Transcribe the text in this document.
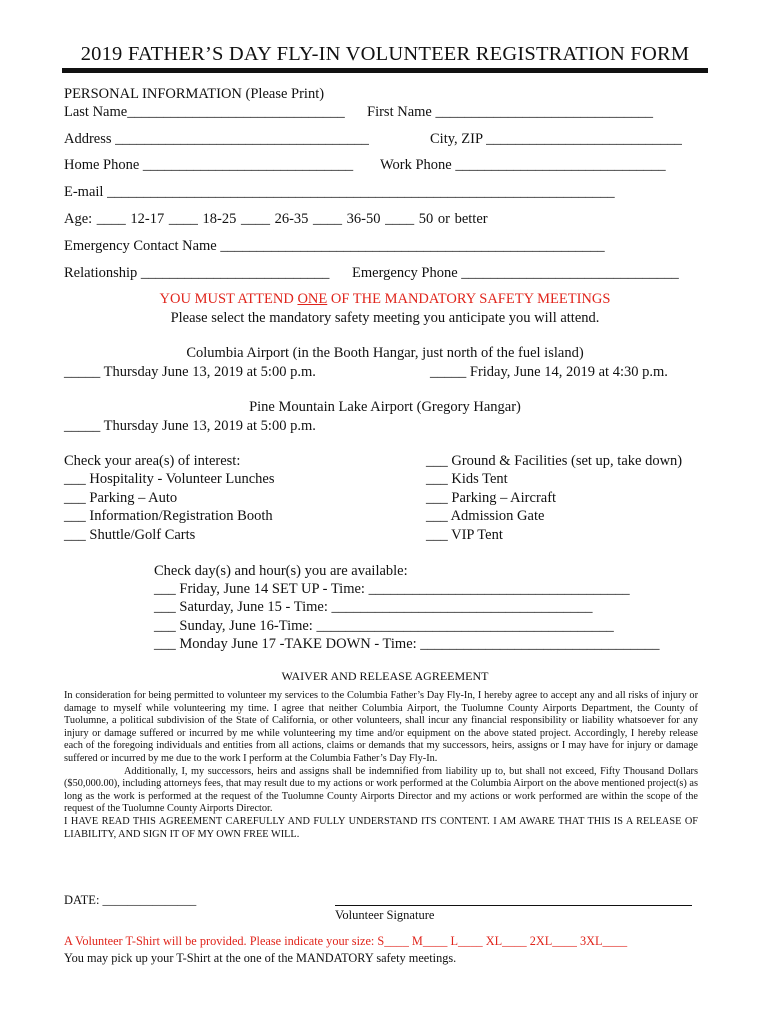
2019 FATHER’S DAY FLY-IN VOLUNTEER REGISTRATION FORM
PERSONAL INFORMATION (Please Print)
Last Name______________________________ First Name ______________________________
Address ___________________________________	City, ZIP ___________________________
Home Phone _____________________________ Work Phone _____________________________
E-mail ______________________________________________________________________
Age: ____ 12-17 ____ 18-25 ____ 26-35 ____ 36-50 ____ 50 or better
Emergency Contact Name _____________________________________________________
Relationship __________________________ Emergency Phone ______________________________
YOU MUST ATTEND ONE OF THE MANDATORY SAFETY MEETINGS
Please select the mandatory safety meeting you anticipate you will attend.
Columbia Airport (in the Booth Hangar, just north of the fuel island)
_____ Thursday June 13, 2019 at 5:00 p.m.	_____ Friday, June 14, 2019 at 4:30 p.m.
Pine Mountain Lake Airport (Gregory Hangar)
_____ Thursday June 13, 2019 at 5:00 p.m.
Check your area(s) of interest:
___ Hospitality - Volunteer Lunches
___ Parking – Auto
___ Information/Registration Booth
___ Shuttle/Golf Carts
___ Ground & Facilities (set up, take down)
___ Kids Tent
___ Parking – Aircraft
___ Admission Gate
___ VIP Tent
Check day(s) and hour(s) you are available:
___ Friday, June 14 SET UP - Time: ____________________________________
___ Saturday, June 15 - Time: ____________________________________
___ Sunday, June 16-Time: _________________________________________
___ Monday June 17 -TAKE DOWN - Time: _________________________________
WAIVER AND RELEASE AGREEMENT

In consideration for being permitted to volunteer my services to the Columbia Father’s Day Fly-In, I hereby agree to accept any and all risks of injury or damage to myself while volunteering my time. I agree that neither Columbia Airport, the Tuolumne County Airports Department, the County of Tuolumne, a political subdivision of the State of California, or other volunteers, shall incur any financial responsibility or liability whatsoever for any injury or damage suffered or incurred by me while volunteering my time and/or equipment on the above stated project. Accordingly, I hereby release each of the foregoing individuals and entities from all actions, claims or demands that my successors, heirs, assigns or I may have for injury or damage suffered or incurred by me due to the work I perform at the Columbia Father’s Day Fly-In.

Additionally, I, my successors, heirs and assigns shall be indemnified from liability up to, but shall not exceed, Fifty Thousand Dollars ($50,000.00), including attorneys fees, that may result due to my actions or work performed at the Columbia Airport on the above mentioned project(s) as long as the work is performed at the request of the Tuolumne County Airports Director and my actions or work performed are within the scope of the request of the Tuolumne County Airports Director.

I HAVE READ THIS AGREEMENT CAREFULLY AND FULLY UNDERSTAND ITS CONTENT. I AM AWARE THAT THIS IS A RELEASE OF LIABILITY, AND SIGN IT OF MY OWN FREE WILL.

DATE: _______________
Volunteer Signature
A Volunteer T-Shirt will be provided. Please indicate your size: S____ M____ L____ XL____ 2XL____ 3XL____
You may pick up your T-Shirt at the one of the MANDATORY safety meetings.
